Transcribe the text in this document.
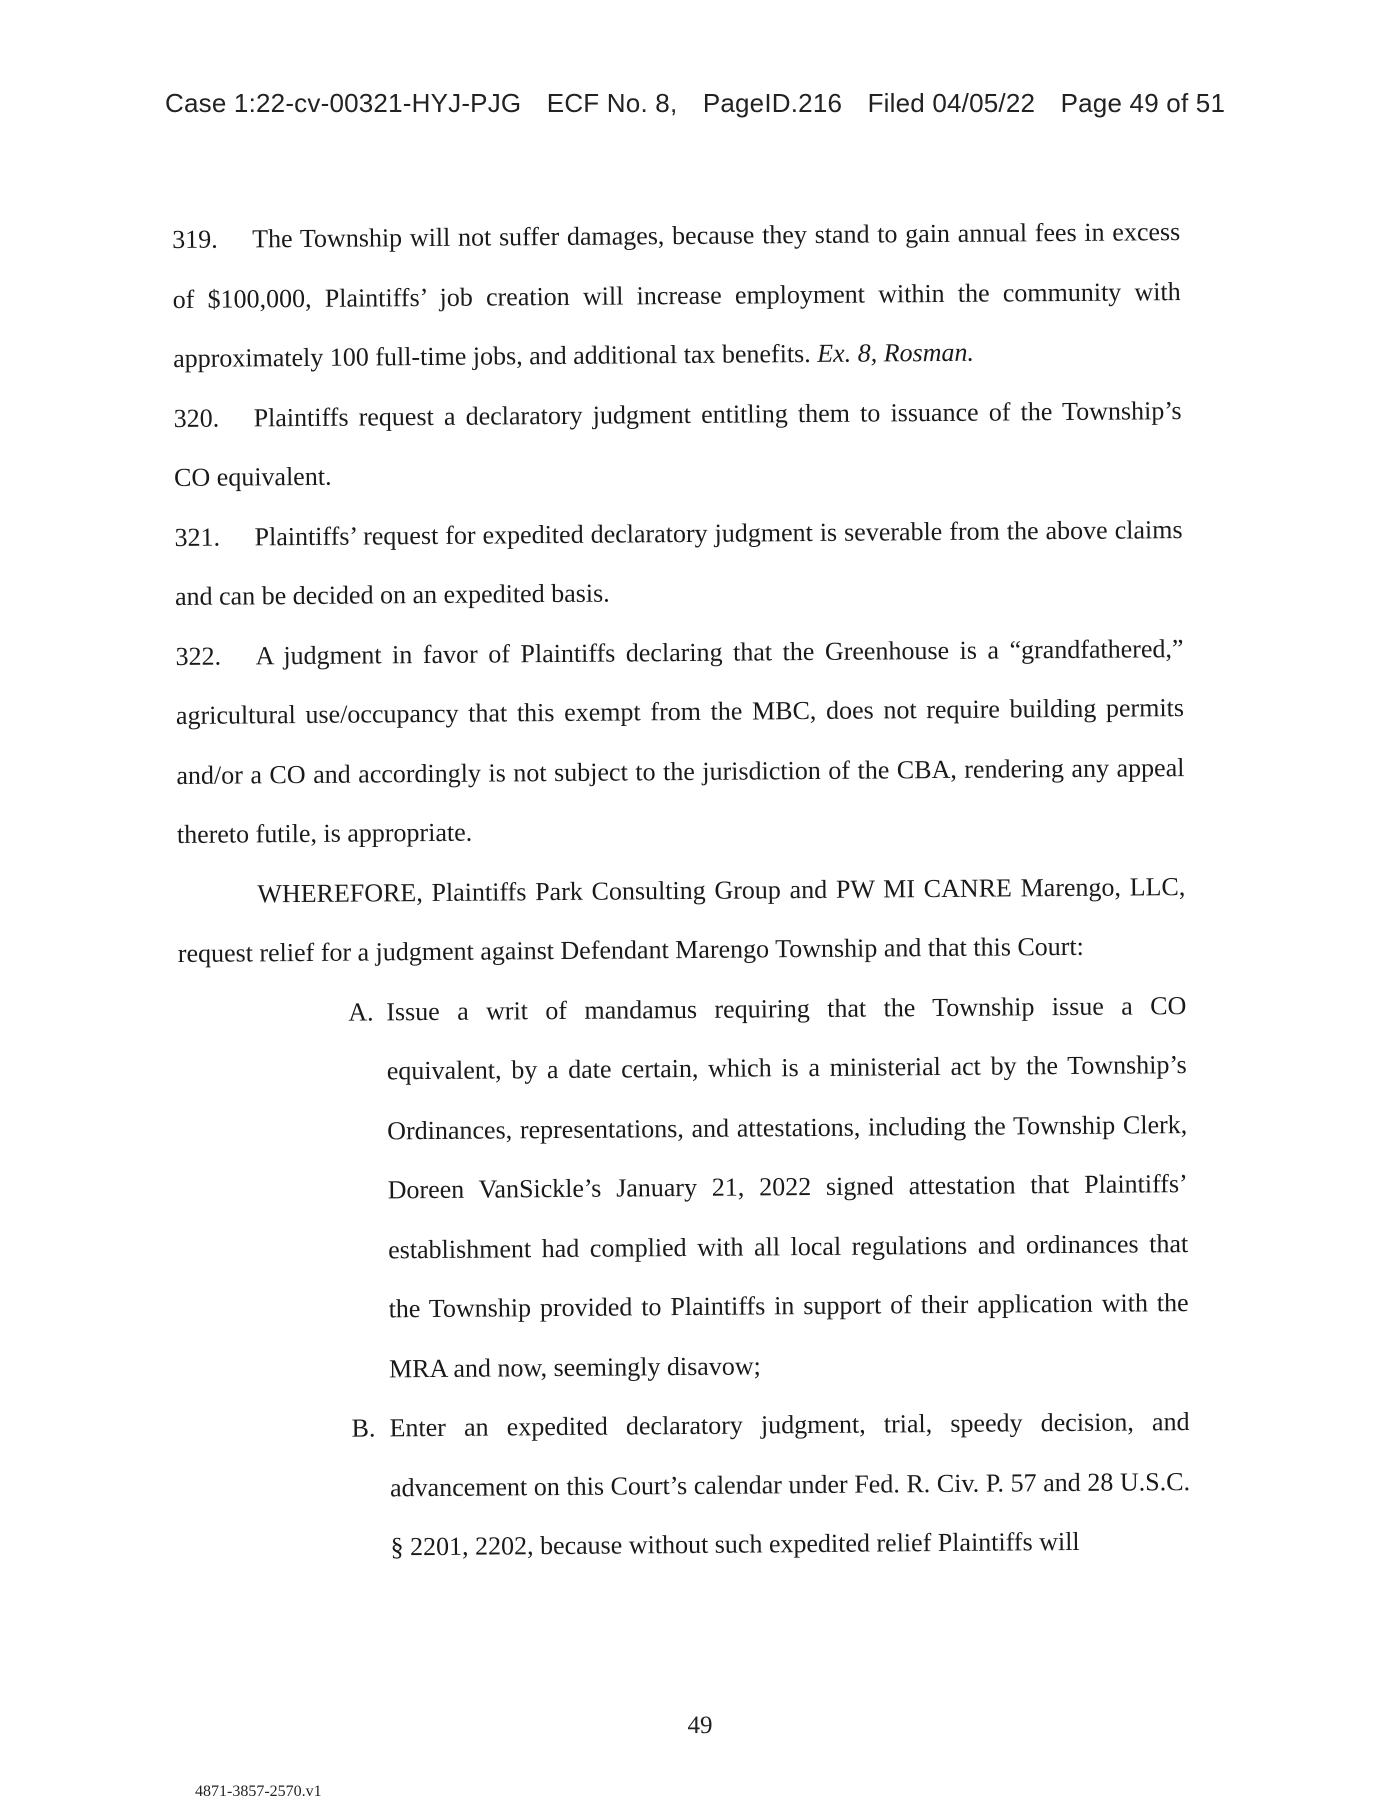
Case 1:22-cv-00321-HYJ-PJG ECF No. 8, PageID.216 Filed 04/05/22 Page 49 of 51

319. The Township will not suffer damages, because they stand to gain annual fees in excess of $100,000, Plaintiffs’ job creation will increase employment within the community with approximately 100 full-time jobs, and additional tax benefits. Ex. 8, Rosman.

320. Plaintiffs request a declaratory judgment entitling them to issuance of the Township’s CO equivalent.

321. Plaintiffs’ request for expedited declaratory judgment is severable from the above claims and can be decided on an expedited basis.

322. A judgment in favor of Plaintiffs declaring that the Greenhouse is a “grandfathered,” agricultural use/occupancy that this exempt from the MBC, does not require building permits and/or a CO and accordingly is not subject to the jurisdiction of the CBA, rendering any appeal thereto futile, is appropriate.

WHEREFORE, Plaintiffs Park Consulting Group and PW MI CANRE Marengo, LLC, request relief for a judgment against Defendant Marengo Township and that this Court:

A. Issue a writ of mandamus requiring that the Township issue a CO equivalent, by a date certain, which is a ministerial act by the Township’s Ordinances, representations, and attestations, including the Township Clerk, Doreen VanSickle’s January 21, 2022 signed attestation that Plaintiffs’ establishment had complied with all local regulations and ordinances that the Township provided to Plaintiffs in support of their application with the MRA and now, seemingly disavow;
B. Enter an expedited declaratory judgment, trial, speedy decision, and advancement on this Court’s calendar under Fed. R. Civ. P. 57 and 28 U.S.C. § 2201, 2202, because without such expedited relief Plaintiffs will
49
4871-3857-2570.v1
